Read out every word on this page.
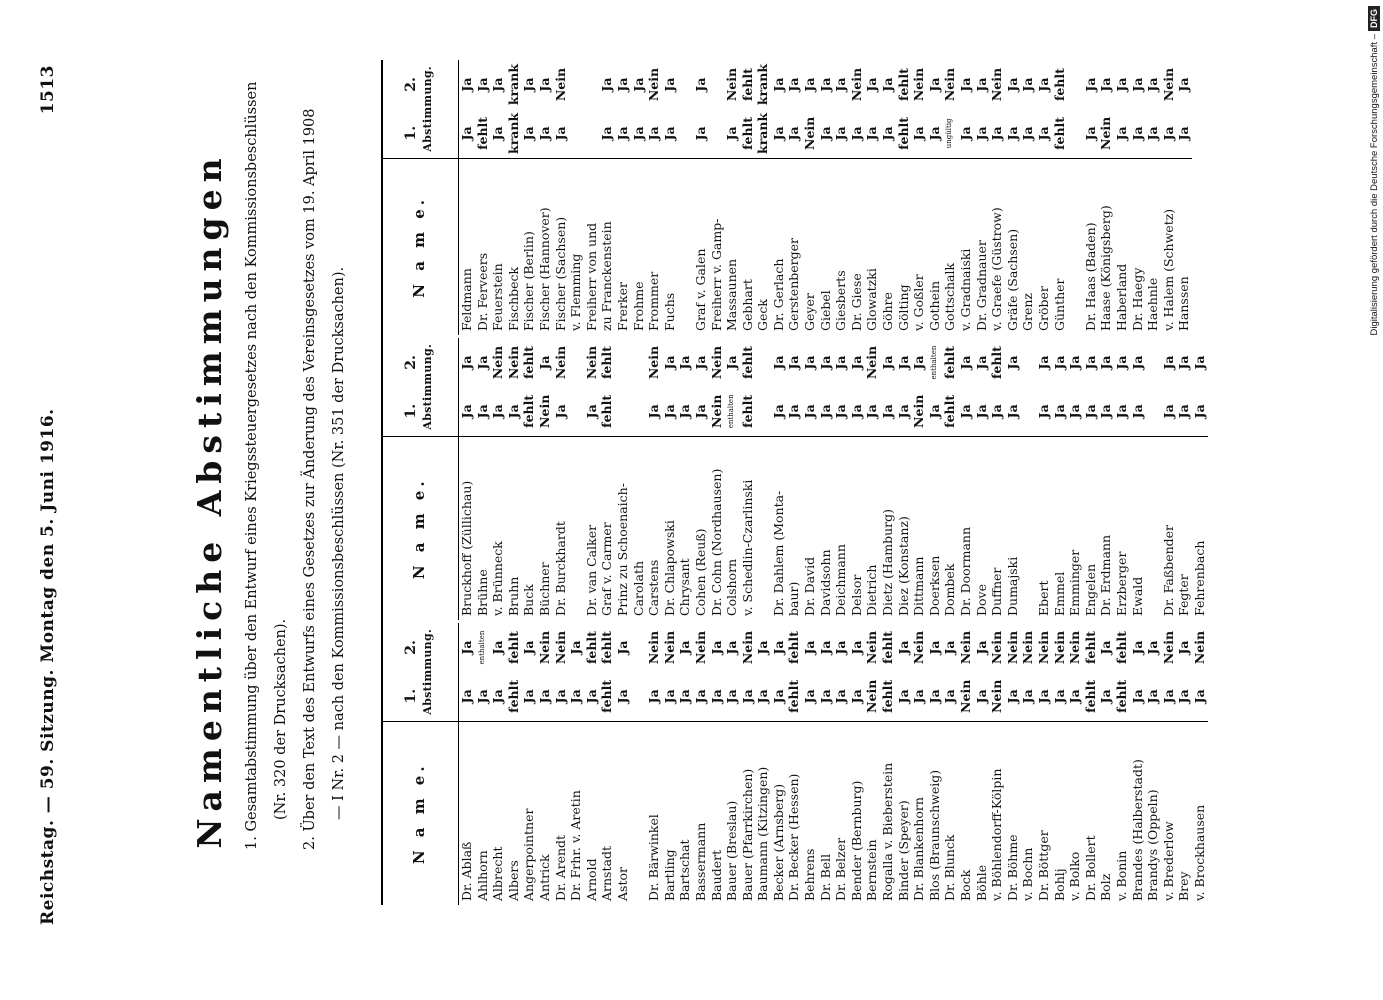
Reichstag. — 59. Sitzung. Montag den 5. Juni 1916.
1513
Namentliche Abstimmungen	1. Gesamtabstimmung über den Entwurf eines Kriegssteuergesetzes nach den Kommissionsbeschlüssen (Nr. 320 der Drucksachen). 2. Über den Text des Entwurfs eines Gesetzes zur Änderung des Vereinsgesetzes vom 19. April 1908 — I Nr. 2 — nach den Kommissionsbeschlüssen (Nr. 351 der Drucksachen).	N a m e.	1.       2. Abstimmung.	

Dr. Ablaß	Ja	Ja
Ahlhorn	Ja	enthalten
Albrecht	Ja	Ja
Albers	fehlt	fehlt
Angerpointner	Ja	Ja
Antrick	Ja	Nein
Dr. Arendt	Ja	Nein
Dr. Frhr. v. Aretin	Ja	Ja
Arnold	Ja	fehlt
Arnstadt	fehlt	fehlt
Astor	Ja	Ja

Dr. Bärwinkel	Ja	Nein
Bartling	Ja	Nein
Bartschat	Ja	Ja
Bassermann	Ja	Nein
Baudert	Ja	Ja
Bauer (Breslau)	Ja	Ja
Bauer (Pfarrkirchen)	Ja	Nein
Baumann (Kitzingen)	Ja	Ja
Becker (Arnsberg)	Ja	Ja
Dr. Becker (Hessen)	fehlt	fehlt
Behrens	Ja	Ja
Dr. Bell	Ja	Ja
Dr. Belzer	Ja	Ja
Bender (Bernburg)	Ja	Ja
Bernstein	Nein	Nein
Rogalla v. Bieberstein	fehlt	fehlt
Binder (Speyer)	Ja	Ja
Dr. Blankenhorn	Ja	Nein
Blos (Braunschweig)	Ja	Ja
Dr. Blunck	Ja	Ja
Bock	Nein	Nein
Böhle	Ja	Ja
v. Böhlendorff-Kölpin	Nein	Nein
Dr. Böhme	Ja	Nein
v. Bochn	Ja	Nein
Dr. Böttger	Ja	Nein
Bohlj	Ja	Nein
v. Bolko	Ja	Nein
Dr. Bollert	fehlt	fehlt
Bolz	Ja	Ja
v. Bonin	fehlt	fehlt
Brandes (Halberstadt)	Ja	Ja
Brandys (Oppeln)	Ja	Ja
v. Brederlow	Ja	Nein
Brey	Ja	Ja
v. Brockhausen	Ja	Nein
N a m e.	1.       2. Abstimmung.	

Bruckhoff (Züllichau)	Ja	Ja
Brühne	Ja	Ja
v. Brünneck	Ja	Nein
Bruhn	Ja	Nein
Buck	fehlt	fehlt
Büchner	Nein	Ja
Dr. Burckhardt	Ja	Nein

Dr. van Calker	Ja	Nein
Graf v. Carmer	fehlt	fehlt
Prinz zu Schoenaich-		
Carolath		
Carstens	Ja	Nein
Dr. Chlapowski	Ja	Ja
Chrysant	Ja	Ja
Cohen (Reuß)	Ja	Ja
Dr. Cohn (Nordhausen)	Nein	Nein
Colshorn	enthalten	Ja
v. Schedlin-Czarlinski	fehlt	fehlt

Dr. Dahlem (Monta-	Ja	Ja
baur)	Ja	Ja
Dr. David	Ja	Ja
Davidsohn	Ja	Ja
Deichmann	Ja	Ja
Delsor	Ja	Ja
Dietrich	Ja	Nein
Dietz (Hamburg)	Ja	Ja
Diez (Konstanz)	Ja	Ja
Dittmann	Nein	Ja
Doerksen	Ja	enthalten
Dombek	fehlt	fehlt
Dr. Doormann	Ja	Ja
Dove	Ja	Ja
Duffner	Ja	fehlt
Dumajski	Ja	Ja

Ebert	Ja	Ja
Emmel	Ja	Ja
Emminger	Ja	Ja
Engelen	Ja	Ja
Dr. Erdmann	Ja	Ja
Erzberger	Ja	Ja
Ewald	Ja	Ja

Dr. Faßbender	Ja	Ja
Fegter	Ja	Ja
Fehrenbach	Ja	Ja
N a m e.	1.       2. Abstimmung.	

Feldmann	Ja	Ja
Dr. Ferveers	fehlt	Ja
Feuerstein	Ja	Ja
Fischbeck	krank	krank
Fischer (Berlin)	Ja	Ja
Fischer (Hannover)	Ja	Ja
Fischer (Sachsen)	Ja	Nein
v. Flemming		
Freiherr von und		
zu Franckenstein	Ja	Ja
Frerker	Ja	Ja
Frohme	Ja	Ja
Frommer	Ja	Nein
Fuchs	Ja	Ja

Graf v. Galen	Ja	Ja
Freiherr v. Gamp-		
Massaunen	Ja	Nein
Gebhart	fehlt	fehlt
Geck	krank	krank
Dr. Gerlach	Ja	Ja
Gerstenberger	Ja	Ja
Geyer	Nein	Ja
Giebel	Ja	Ja
Giesberts	Ja	Ja
Dr. Giese	Ja	Nein
Glowatzki	Ja	Ja
Göhre	Ja	Ja
Gölting	fehlt	fehlt
v. Goßler	Ja	Nein
Gothein	Ja	Ja
Gottschalk	ungültig	Nein
v. Gradnaiski	Ja	Ja
Dr. Gradnauer	Ja	Ja
v. Graefe (Güstrow)	Ja	Nein
Gräfe (Sachsen)	Ja	Ja
Grenz	Ja	Ja
Gröber	Ja	Ja
Günther	fehlt	fehlt

Dr. Haas (Baden)	Ja	Ja
Haase (Königsberg)	Nein	Ja
Haberland	Ja	Ja
Dr. Haegy	Ja	Ja
Haehnle	Ja	Ja
v. Halem (Schwetz)	Ja	Nein
Hanssen	Ja	Ja	Digitalisierung gefördert durch die Deutsche Forschungsgemeinschaft –DFG
